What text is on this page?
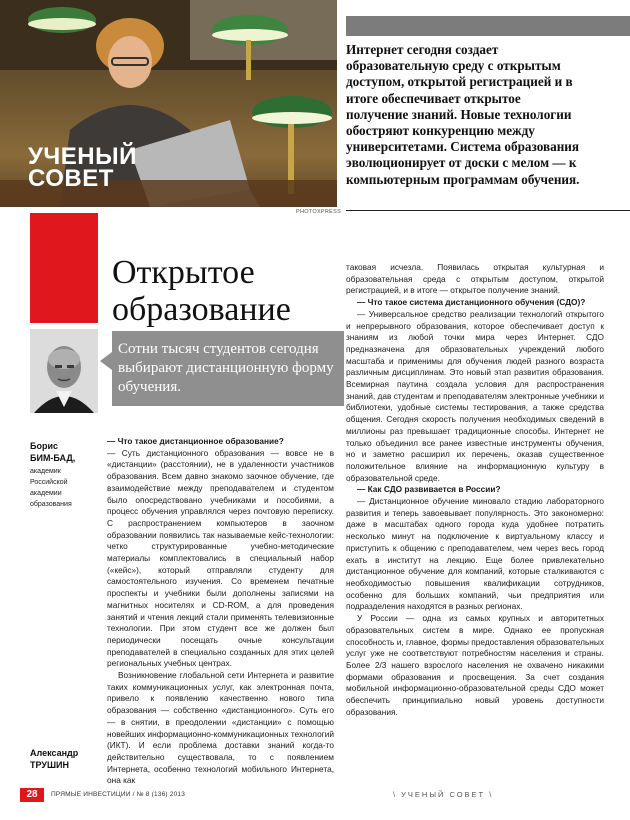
УЧЕНЫЙ
СОВЕТ
PHOTOXPRESS
Интернет сегодня создает образовательную среду с открытым доступом, открытой регистрацией и в итоге обеспечивает открытое получение знаний. Новые технологии обостряют конкуренцию между университетами. Система образования эволюционирует от доски с мелом — к компьютерным программам обучения.
Открытое
образование
Сотни тысяч студентов сегодня выбирают дистанционную форму обучения.
Борис
БИМ-БАД,
академик
Российской
академии
образования
Александр
ТРУШИН

— Что такое дистанционное образование?

— Суть дистанционного образования — вовсе не в «дистанции» (расстоянии), не в удаленности участников образования. Всем давно знакомо заочное обучение, где взаимодействие между преподавателем и студентом было опосредствовано учебниками и пособиями, а процесс обучения управлялся через почтовую переписку. С распространением компьютеров в заочном образовании появились так называемые кейс-технологии: четко структурированные учебно-методические материалы комплектовались в специальный набор («кейс»), который отправляли студенту для самостоятельного изучения. Со временем печатные проспекты и учебники были дополнены записями на магнитных носителях и CD-ROM, а для проведения занятий и чтения лекций стали применять телевизионные технологии. При этом студент все же должен был периодически посещать очные консультации преподавателей в специально созданных для этих целей региональных учебных центрах.

Возникновение глобальной сети Интернета и развитие таких коммуникационных услуг, как электронная почта, привело к появлению качественно нового типа образования — собственно «дистанционного». Суть его — в снятии, в преодолении «дистанции» с помощью новейших информационно-коммуникационных технологий (ИКТ). И если проблема доставки знаний когда-то действительно существовала, то с появлением Интернета, особенно технологий мобильного Интернета, она как

таковая исчезла. Появилась открытая культурная и образовательная среда с открытым доступом, открытой регистрацией, и в итоге — открытое получение знаний.

— Что такое система дистанционного обучения (СДО)?

— Универсальное средство реализации технологий открытого и непрерывного образования, которое обеспечивает доступ к знаниям из любой точки мира через Интернет. СДО предназначена для образовательных учреждений любого масштаба и применимы для обучения людей разного возраста различным дисциплинам. Это новый этап развития образования. Всемирная паутина создала условия для распространения знаний, дав студентам и преподавателям электронные учебники и библиотеки, удобные системы тестирования, а также средства общения. Сегодня скорость получения необходимых сведений в миллионы раз превышает традиционные способы. Интернет не только объединил все ранее известные инструменты обучения, но и заметно расширил их перечень, оказав существенное положительное влияние на информационную культуру в образовательной среде.

— Как СДО развивается в России?

— Дистанционное обучение миновало стадию лабораторного развития и теперь завоевывает популярность. Это закономерно: даже в масштабах одного города куда удобнее потратить несколько минут на подключение к виртуальному классу и приступить к общению с преподавателем, чем через весь город ехать в институт на лекцию. Еще более привлекательно дистанционное обучение для компаний, которые сталкиваются с необходимостью повышения квалификации сотрудников, особенно для больших компаний, чьи предприятия или подразделения находятся в разных регионах.

У России — одна из самых крупных и авторитетных образовательных систем в мире. Однако ее пропускная способность и, главное, формы предоставления образовательных услуг уже не соответствуют потребностям населения и страны. Более 2/3 нашего взрослого населения не охвачено никакими формами образования и просвещения. За счет создания мобильной информационно-образовательной среды СДО может обеспечить принципиально новый уровень доступности образования.

28	ПРЯМЫЕ ИНВЕСТИЦИИ / № 8 (136) 2013	\ УЧЕНЫЙ СОВЕТ \
